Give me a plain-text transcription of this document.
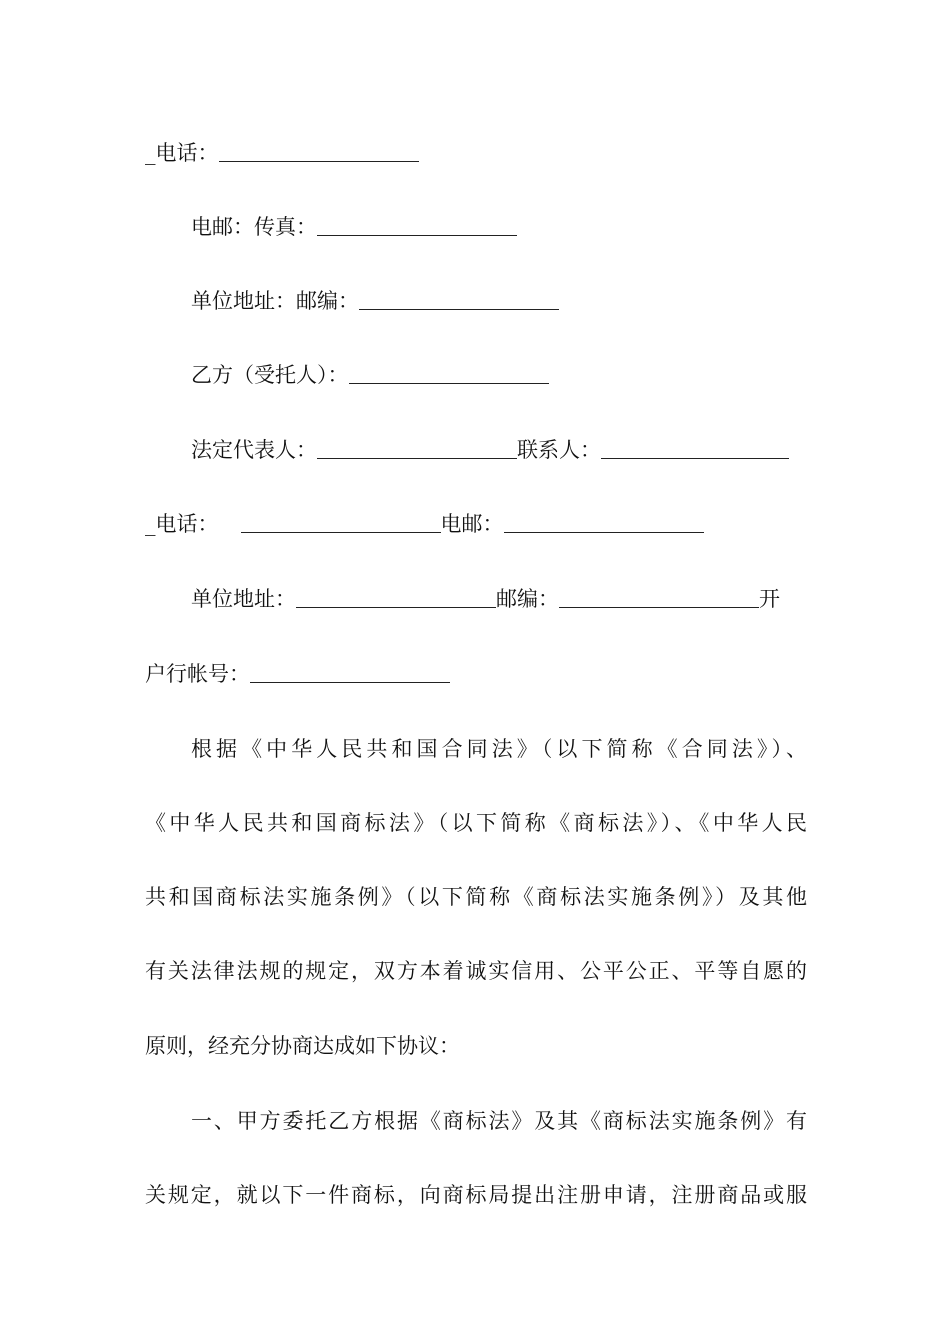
_电话：
电邮：传真：
单位地址：邮编：
乙方（受托人）：
法定代表人：	联系人：
_电话：	电邮：
单位地址：	邮编：	开
户行帐号：
根据《中华人民共和国合同法》（以下简称《合同法》）、
《中华人民共和国商标法》（以下简称《商标法》）、《中华人民
共和国商标法实施条例》（以下简称《商标法实施条例》）及其他
有关法律法规的规定，双方本着诚实信用、公平公正、平等自愿的
原则，经充分协商达成如下协议：
一、甲方委托乙方根据《商标法》及其《商标法实施条例》有
关规定，就以下一件商标，向商标局提出注册申请，注册商品或服
